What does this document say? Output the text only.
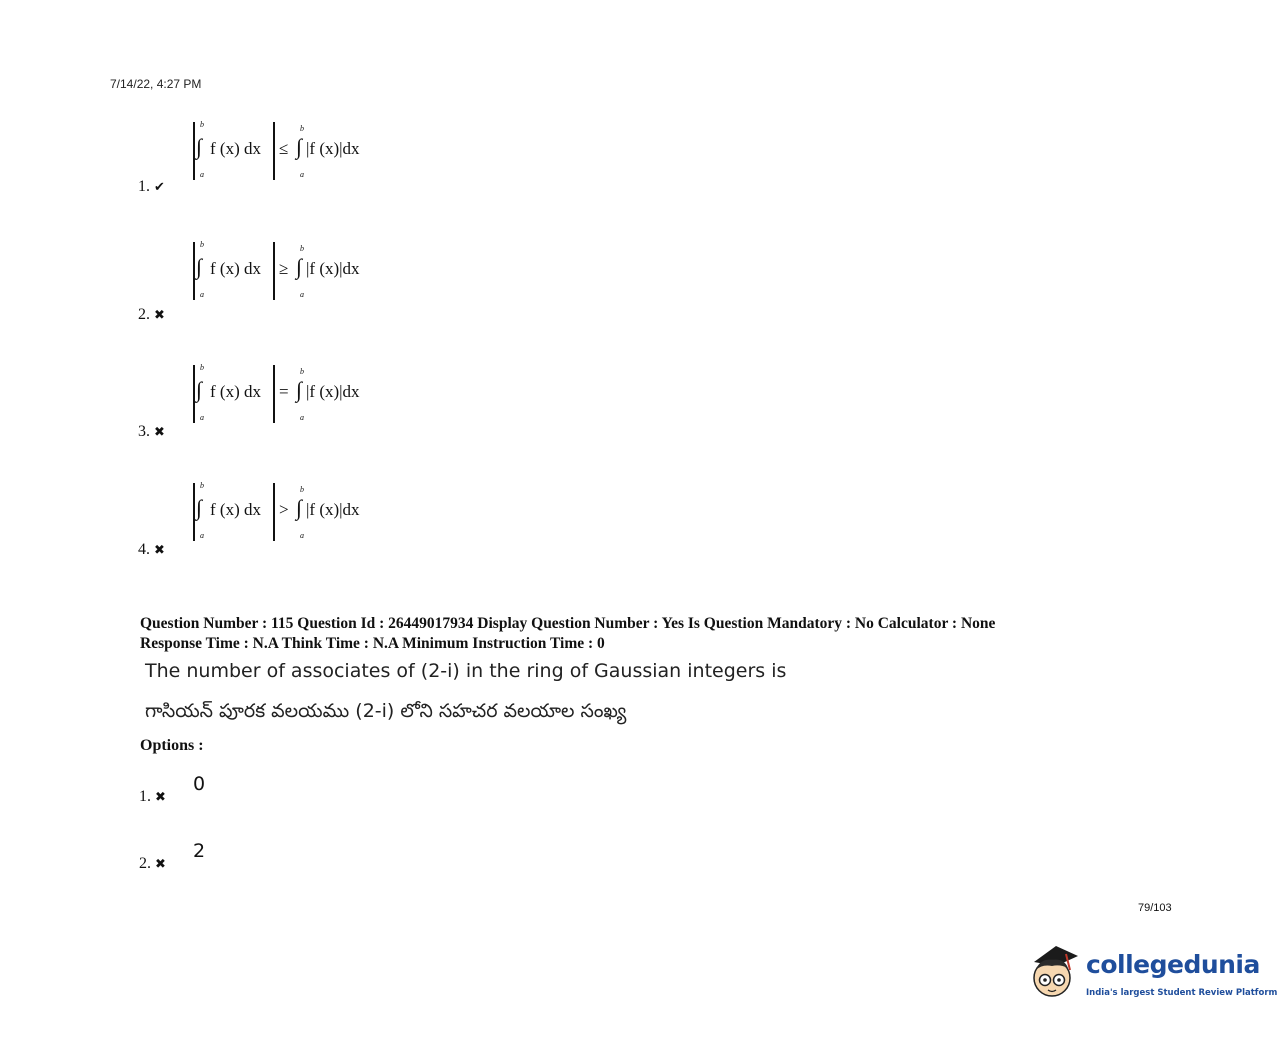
7/14/22, 4:27 PM
b
∫
a
f (x) dx ≤
b
∫
a
|f (x)|dx
1. ✔
b
∫
a
f (x) dx ≥
b
∫
a
|f (x)|dx
2. ✖
b
∫
a
f (x) dx =
b
∫
a
|f (x)|dx
3. ✖
b
∫
a
f (x) dx >
b
∫
a
|f (x)|dx
4. ✖
Question Number : 115 Question Id : 26449017934 Display Question Number : Yes Is Question Mandatory : No Calculator : None
Response Time : N.A Think Time : N.A Minimum Instruction Time : 0
The number of associates of (2-i) in the ring of Gaussian integers is
గాసియన్ పూరక వలయము (2-i) లోని సహచర వలయాల సంఖ్య
Options :
1. ✖
0
2. ✖
2
79/103
collegedunia
India's largest Student Review Platform
